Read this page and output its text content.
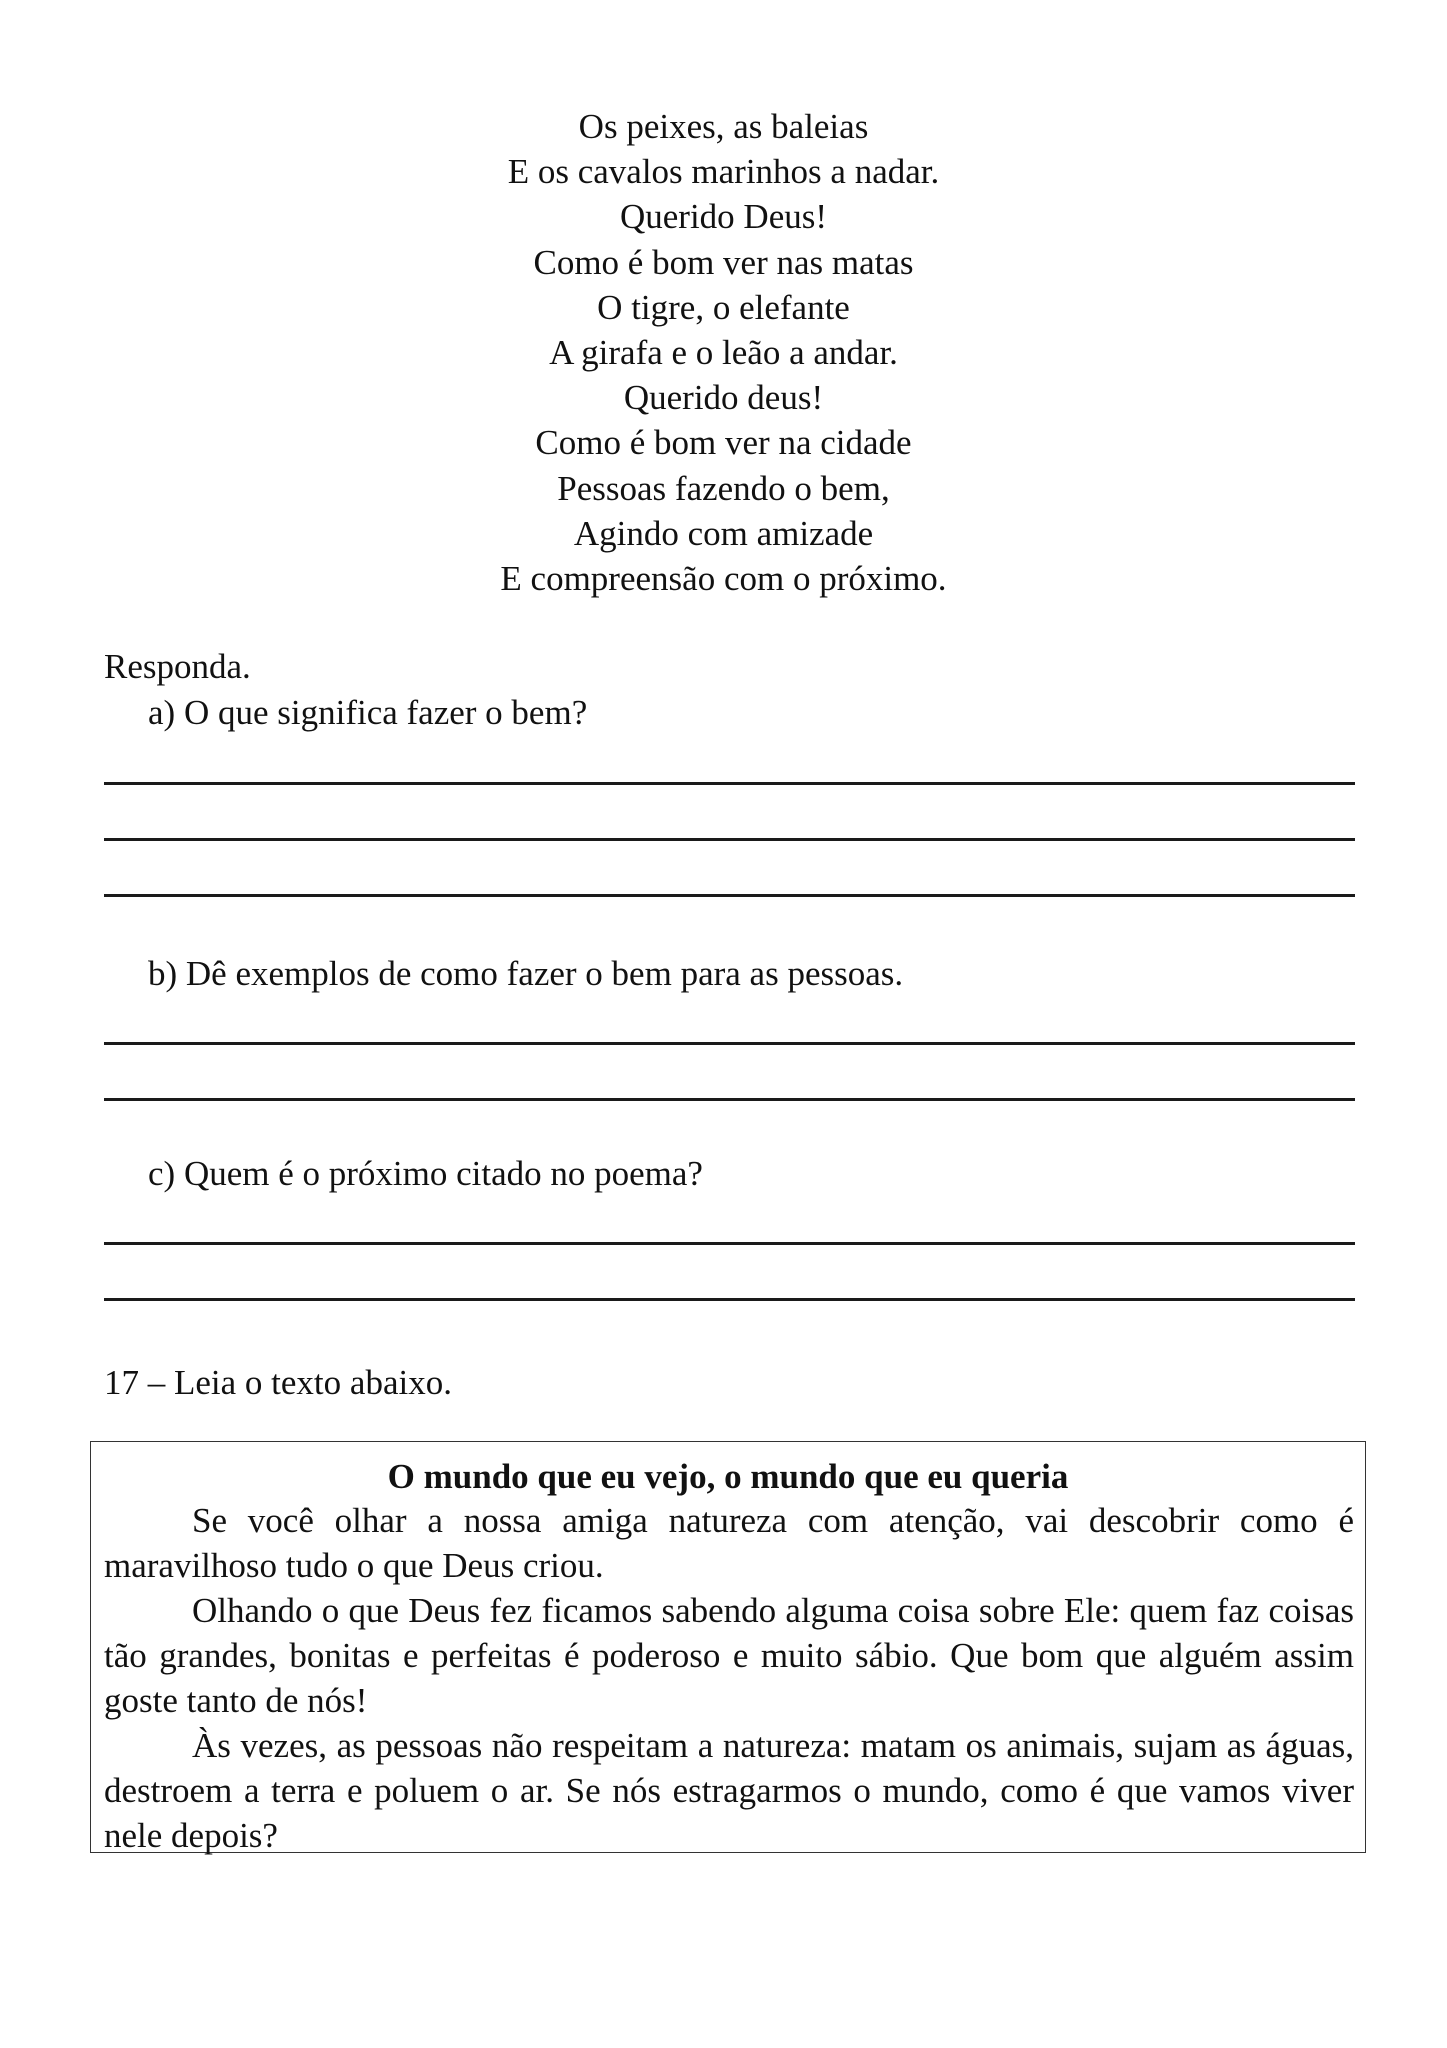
Os peixes, as baleias
E os cavalos marinhos a nadar.
Querido Deus!
Como é bom ver nas matas
O tigre, o elefante
A girafa e o leão a andar.
Querido deus!
Como é bom ver na cidade
Pessoas fazendo o bem,
Agindo com amizade
E compreensão com o próximo.
Responda.
a) O que significa fazer o bem?
b) Dê exemplos de como fazer o bem para as pessoas.
c) Quem é o próximo citado no poema?
17 – Leia o texto abaixo.
O mundo que eu vejo, o mundo que eu queria

Se você olhar a nossa amiga natureza com atenção, vai descobrir como é maravilhoso tudo o que Deus criou.

Olhando o que Deus fez ficamos sabendo alguma coisa sobre Ele: quem faz coisas tão grandes, bonitas e perfeitas é poderoso e muito sábio. Que bom que alguém assim goste tanto de nós!

Às vezes, as pessoas não respeitam a natureza: matam os animais, sujam as águas, destroem a terra e poluem o ar. Se nós estragarmos o mundo, como é que vamos viver nele depois?
